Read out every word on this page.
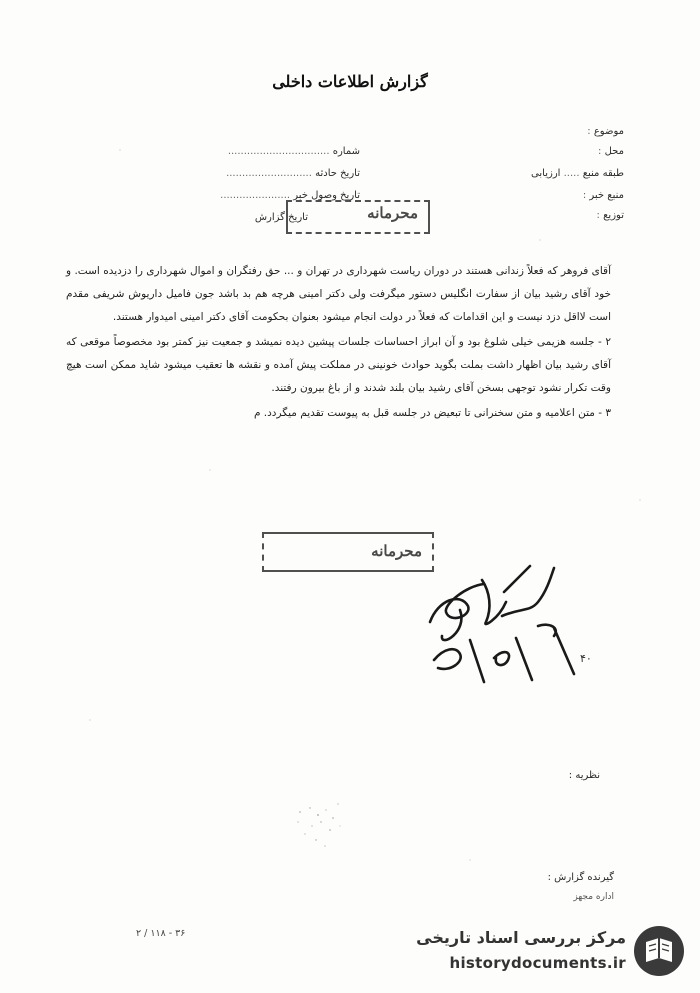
گزارش اطلاعات داخلی
موضوع :
محل :
طبقه منبع ..... ارزیابی
منبع خبر :
توزیع :
شماره ................................
تاریخ حادثه ...........................
تاریخ وصول خبر ......................
تاریخ گزارش	محرمانه

آقای فروهر که فعلاً زندانی هستند در دوران ریاست شهرداری در تهران و ... حق رفتگران و اموال شهرداری را دزدیده است. و خود آقای رشید بیان از سفارت انگلیس دستور میگرفت ولی دکتر امینی هرچه هم بد باشد جون فامیل داریوش شریفی مقدم است لااقل دزد نیست و این اقدامات که فعلاً در دولت انجام میشود بعنوان بحکومت آقای دکتر امینی امیدوار هستند.

۲ - جلسه هزیمی خیلی شلوغ بود و آن ابراز احساسات جلسات پیشین دیده نمیشد و جمعیت نیز کمتر بود مخصوصاً موقعی که آقای رشید بیان اظهار داشت بملت بگوید حوادث خونینی در مملکت پیش آمده و نقشه ها تعقیب میشود شاید ممکن است هیچ وقت تکرار نشود توجهی بسخن آقای رشید بیان بلند شدند و از باغ بیرون رفتند.

۳ - متن اعلامیه و متن سخنرانی تا تبعیض در جلسه قبل به پیوست تقدیم میگردد. م

محرمانه
۴۰
۱۸/۷/۴۰
نظریه :
گیرنده گزارش :
اداره مجهز
۳۶ - ۱۱۸ / ۲	مرکز بررسی اسناد تاریخی
historydocuments.ir
